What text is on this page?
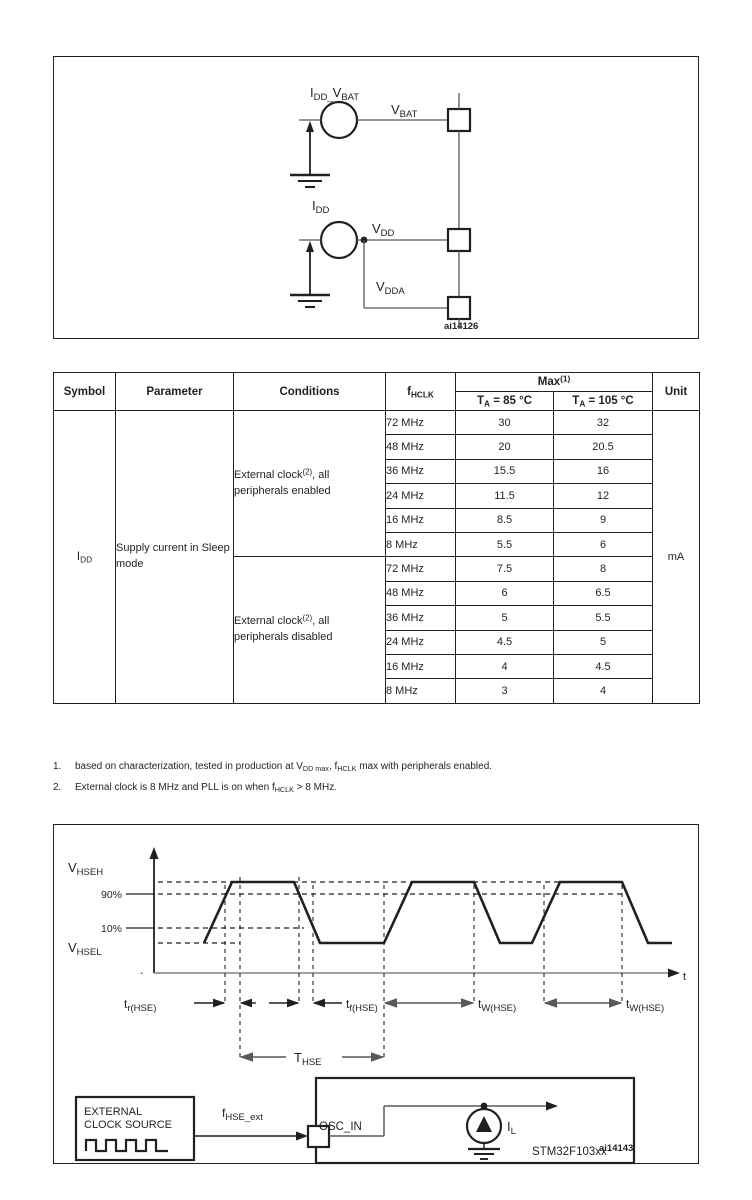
$I_{DD\_}V_{BAT}$
$V_{BAT}$
$I_{DD}$
$V_{DD}$
$V_{DDA}$
ai14126
Symbol	Parameter	Conditions	$f_{HCLK}$	Max$^{(1)}$		Unit
				$T_A = 85$ °C	$T_A = 105$ °C	
$I_{DD}$	Supply current in Sleep mode	External clock$^{(2)}$, all peripherals enabled	72 MHz	30	32	mA
			48 MHz	20	20.5	
			36 MHz	15.5	16	
			24 MHz	11.5	12	
			16 MHz	8.5	9	
			8 MHz	5.5	6	
		External clock$^{(2)}$, all peripherals disabled	72 MHz	7.5	8	
			48 MHz	6	6.5	
			36 MHz	5	5.5	
			24 MHz	4.5	5	
			16 MHz	4	4.5	
			8 MHz	3	4	
1.	based on characterization, tested in production at $V_{DD max}$, $f_{HCLK}$ max with peripherals enabled.
2.	External clock is 8 MHz and PLL is on when $f_{HCLK} > 8$ MHz.
t
$V_{HSEH}$
$V_{HSEL}$
90%
10%
-
$t_{r(HSE)}$	$t_{f(HSE)}$	$t_{W(HSE)}$	$t_{W(HSE)}$
$T_{HSE}$
EXTERNAL
CLOCK SOURCE
$f_{HSE\_ext}$
OSC_IN	$I_L$
STM32F103xx
ai14143
